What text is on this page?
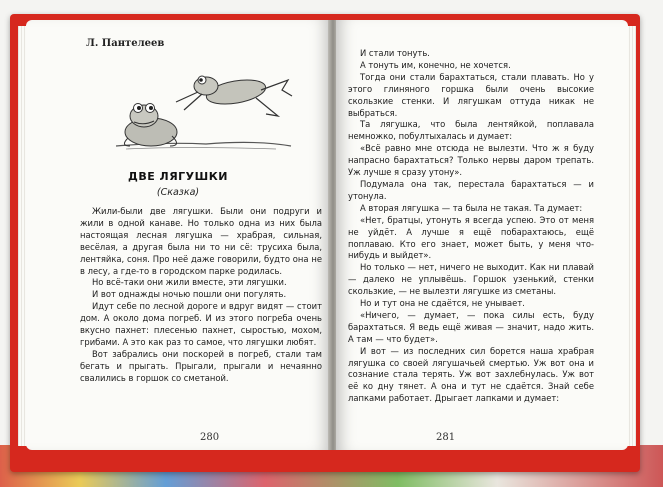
Л. Пантелеев
ДВЕ ЛЯГУШКИ
(Сказка)

Жили-были две лягушки. Были они подруги и жили в одной канаве. Но только одна из них была настоящая лесная лягушка — храбрая, сильная, весёлая, а другая была ни то ни сё: трусиха была, лентяйка, соня. Про неё даже говорили, будто она не в лесу, а где-то в городском парке родилась.

Но всё-таки они жили вместе, эти лягушки.

И вот однажды ночью пошли они погулять.

Идут себе по лесной дороге и вдруг видят — стоит дом. А около дома погреб. И из этого погреба очень вкусно пахнет: плесенью пахнет, сыростью, мохом, грибами. А это как раз то самое, что лягушки любят.

Вот забрались они поскорей в погреб, стали там бегать и прыгать. Прыгали, прыгали и нечаянно свалились в горшок со сметаной.

280

И стали тонуть.

А тонуть им, конечно, не хочется.

Тогда они стали барахтаться, стали плавать. Но у этого глиняного горшка были очень высокие скользкие стенки. И лягушкам оттуда никак не выбраться.

Та лягушка, что была лентяйкой, поплавала немножко, побултыхалась и думает:

«Всё равно мне отсюда не вылезти. Что ж я буду напрасно барахтаться? Только нервы даром трепать. Уж лучше я сразу утону».

Подумала она так, перестала барахтаться — и утонула.

А вторая лягушка — та была не такая. Та думает:

«Нет, братцы, утонуть я всегда успею. Это от меня не уйдёт. А лучше я ещё побарахтаюсь, ещё поплаваю. Кто его знает, может быть, у меня что-нибудь и выйдет».

Но только — нет, ничего не выходит. Как ни плавай — далеко не уплывёшь. Горшок узенький, стенки скользкие, — не вылезти лягушке из сметаны.

Но и тут она не сдаётся, не унывает.

«Ничего, — думает, — пока силы есть, буду барахтаться. Я ведь ещё живая — значит, надо жить. А там — что будет».

И вот — из последних сил борется наша храбрая лягушка со своей лягушачьей смертью. Уж вот она и сознание стала терять. Уж вот захлебнулась. Уж вот её ко дну тянет. А она и тут не сдаётся. Знай себе лапками работает. Дрыгает лапками и думает:

281
